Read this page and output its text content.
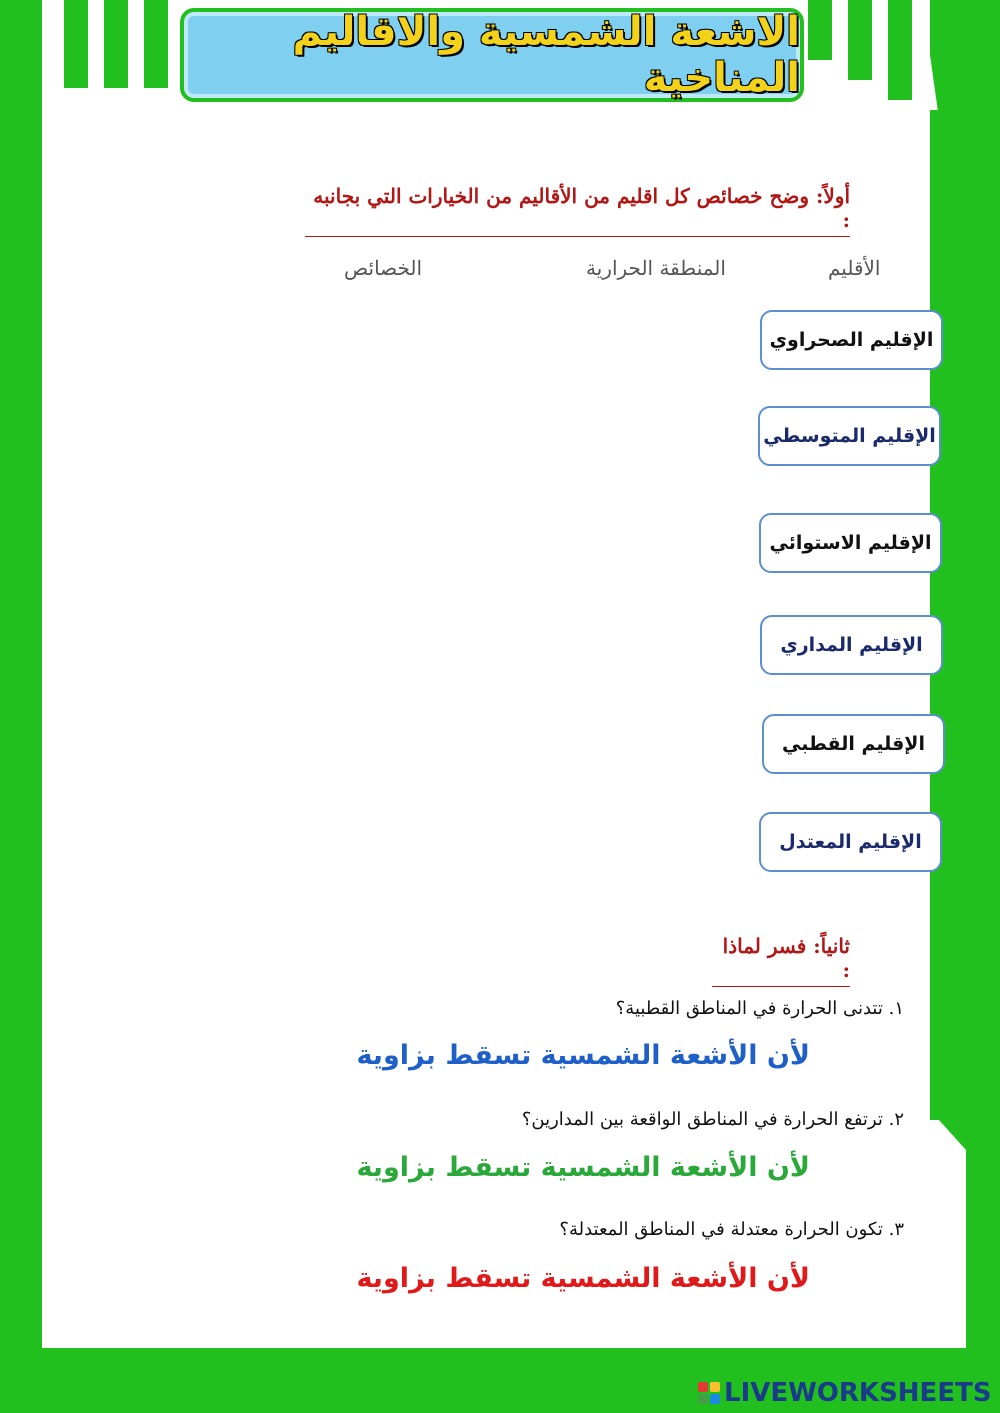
الاشعة الشمسية والاقاليم المناخية
أولاً: وضح خصائص كل اقليم من الأقاليم من الخيارات التي بجانبه :
الأقليم
المنطقة الحرارية
الخصائص
الإقليم الصحراوي
الإقليم المتوسطي
الإقليم الاستوائي
الإقليم المداري
الإقليم القطبي
الإقليم المعتدل
ثانياً: فسر لماذا :
١. تتدنى الحرارة في المناطق القطبية؟
لأن الأشعة الشمسية تسقط بزاوية
٢. ترتفع الحرارة في المناطق الواقعة بين المدارين؟
لأن الأشعة الشمسية تسقط بزاوية
٣. تكون الحرارة معتدلة في المناطق المعتدلة؟
لأن الأشعة الشمسية تسقط بزاوية
LIVEWORKSHEETS
